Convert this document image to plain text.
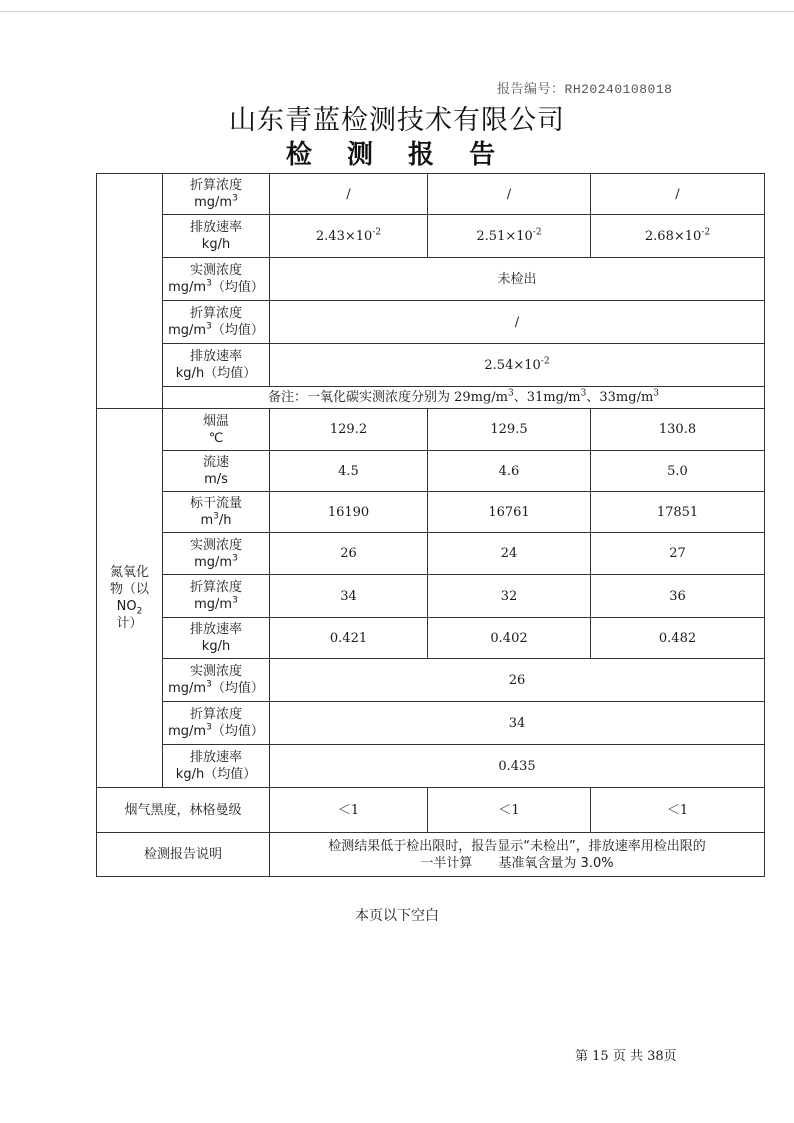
报告编号：RH20240108018
山东青蓝检测技术有限公司
检 测 报 告
	折算浓度
$mg/m^3$	/	/	/
	排放速率
kg/h	$2.43\times 10^{-2}$	$2.51\times 10^{-2}$	$2.68\times 10^{-2}$
	实测浓度
$mg/m^3$（均值）	未检出		
	折算浓度
$mg/m^3$（均值）	/		
	排放速率
kg/h（均值）	$2.54\times 10^{-2}$
	备注：一氧化碳实测浓度分别为 $29mg/m^3$、$31mg/m^3$、$33mg/m^3$
氮氧化
物（以
$NO_2$
计）	烟温
℃	129.2	129.5	130.8
	流速
m/s	4.5	4.6	5.0
	标干流量
$m^3/h$	16190	16761	17851
	实测浓度
$mg/m^3$	26	24	27
	折算浓度
$mg/m^3$	34	32	36
	排放速率
kg/h	0.421	0.402	0.482
	实测浓度
$mg/m^3$（均值）	26		
	折算浓度
$mg/m^3$（均值）	34		
	排放速率
kg/h（均值）	0.435		
烟气黑度，林格曼级		＜1	＜1	＜1
检测报告说明		检测结果低于检出限时，报告显示“未检出”，排放速率用检出限的
一半计算　　基准氧含量为 3.0%		
本页以下空白
第 15 页 共 38页
